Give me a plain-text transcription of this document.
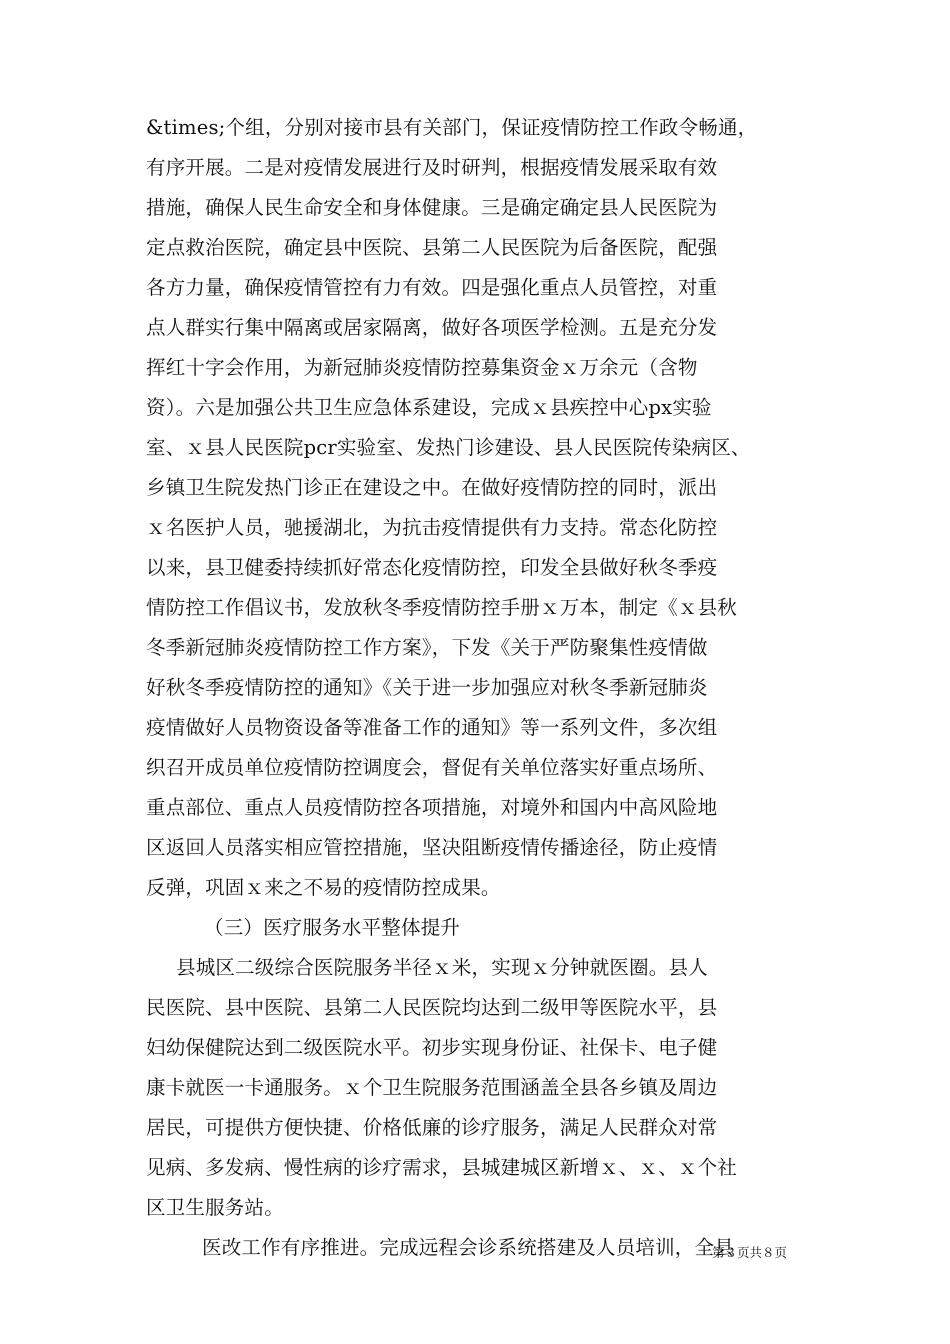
&times;个组，分别对接市县有关部门，保证疫情防控工作政令畅通，
有序开展。二是对疫情发展进行及时研判，根据疫情发展采取有效
措施，确保人民生命安全和身体健康。三是确定确定县人民医院为
定点救治医院，确定县中医院、县第二人民医院为后备医院，配强
各方力量，确保疫情管控有力有效。四是强化重点人员管控，对重
点人群实行集中隔离或居家隔离，做好各项医学检测。五是充分发
挥红十字会作用，为新冠肺炎疫情防控募集资金ｘ万余元（含物
资）。六是加强公共卫生应急体系建设，完成ｘ县疾控中心px实验
室、ｘ县人民医院pcr实验室、发热门诊建设、县人民医院传染病区、
乡镇卫生院发热门诊正在建设之中。在做好疫情防控的同时，派出
ｘ名医护人员，驰援湖北，为抗击疫情提供有力支持。常态化防控
以来，县卫健委持续抓好常态化疫情防控，印发全县做好秋冬季疫
情防控工作倡议书，发放秋冬季疫情防控手册ｘ万本，制定《ｘ县秋
冬季新冠肺炎疫情防控工作方案》，下发《关于严防聚集性疫情做
好秋冬季疫情防控的通知》《关于进一步加强应对秋冬季新冠肺炎
疫情做好人员物资设备等准备工作的通知》等一系列文件，多次组
织召开成员单位疫情防控调度会，督促有关单位落实好重点场所、
重点部位、重点人员疫情防控各项措施，对境外和国内中高风险地
区返回人员落实相应管控措施，坚决阻断疫情传播途径，防止疫情
反弹，巩固ｘ来之不易的疫情防控成果。
（三）医疗服务水平整体提升
县城区二级综合医院服务半径ｘ米，实现ｘ分钟就医圈。县人
民医院、县中医院、县第二人民医院均达到二级甲等医院水平，县
妇幼保健院达到二级医院水平。初步实现身份证、社保卡、电子健
康卡就医一卡通服务。ｘ个卫生院服务范围涵盖全县各乡镇及周边
居民，可提供方便快捷、价格低廉的诊疗服务，满足人民群众对常
见病、多发病、慢性病的诊疗需求，县城建城区新增ｘ、ｘ、ｘ个社
区卫生服务站。
医改工作有序推进。完成远程会诊系统搭建及人员培训，全县
第３页共８页
